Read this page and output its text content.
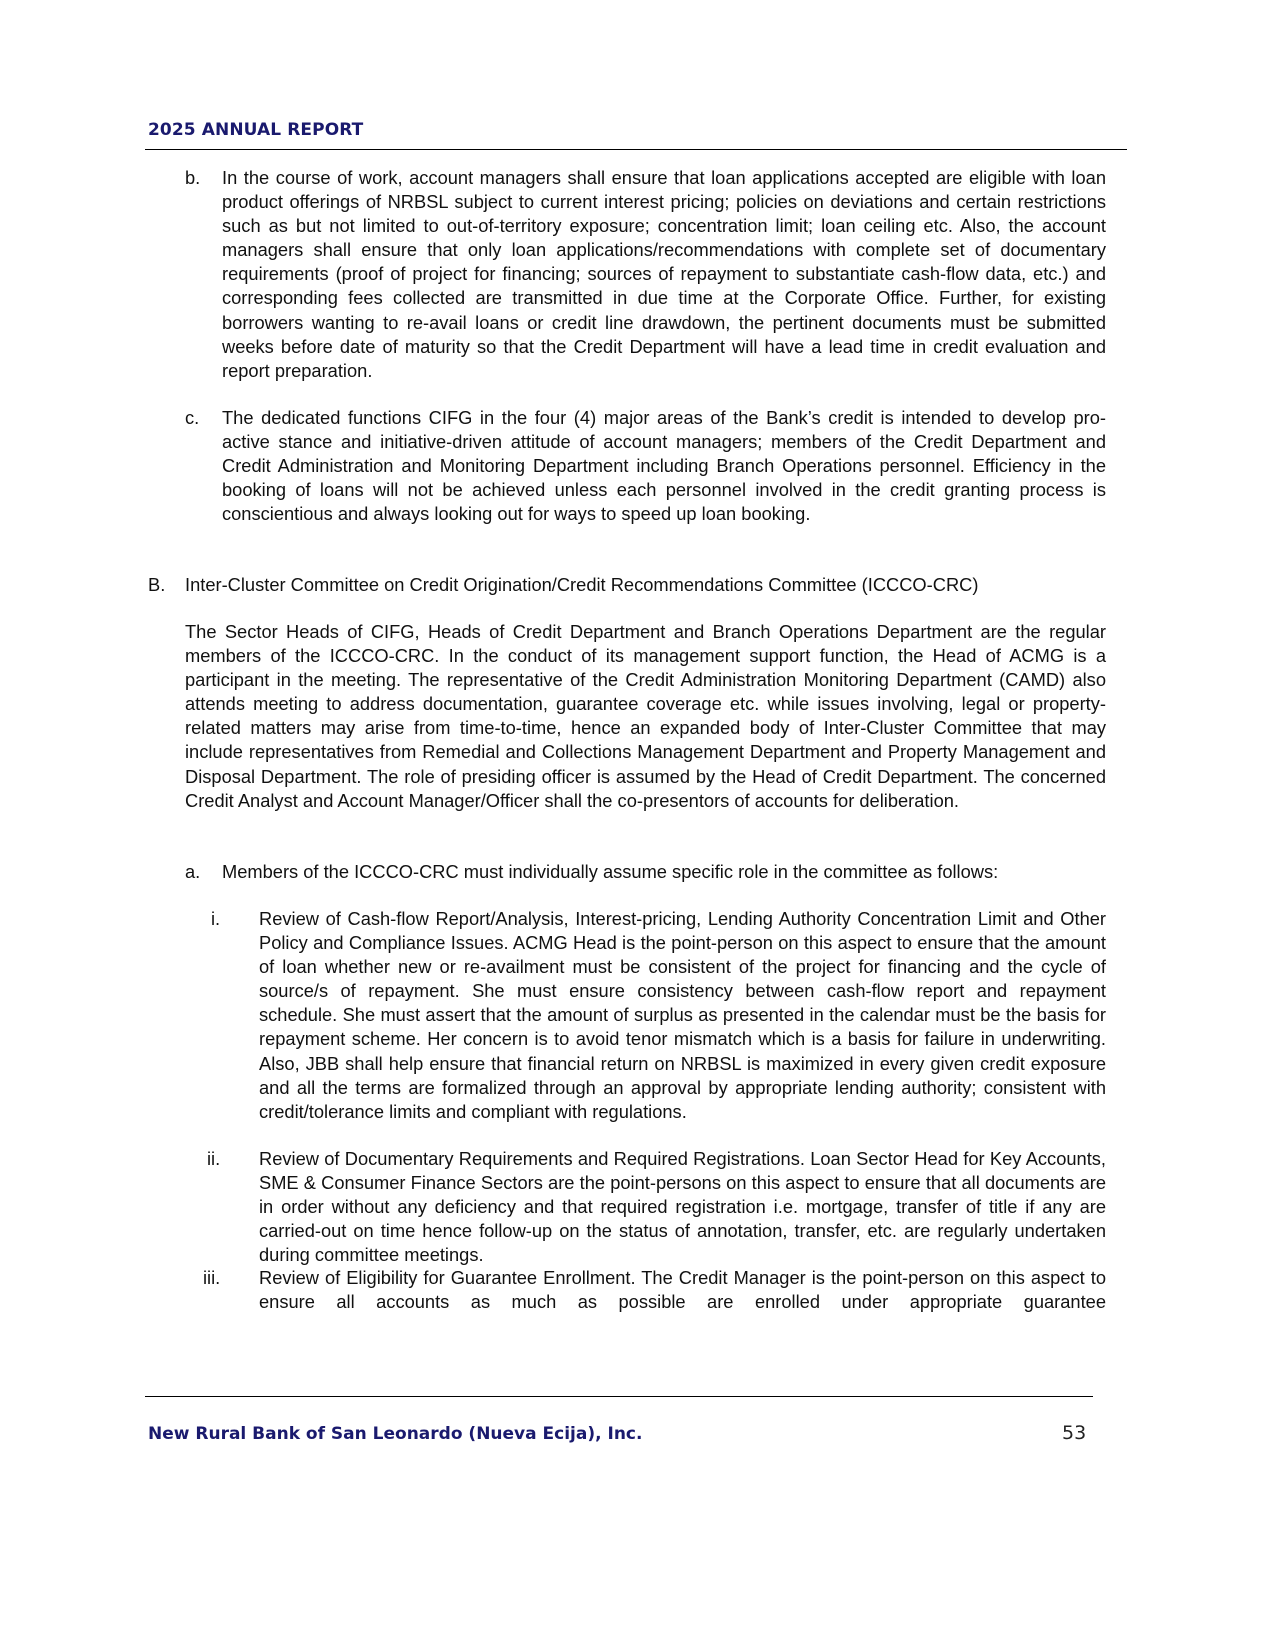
2025 ANNUAL REPORT
b. In the course of work, account managers shall ensure that loan applications accepted are eligible with loan product offerings of NRBSL subject to current interest pricing; policies on deviations and certain restrictions such as but not limited to out-of-territory exposure; concentration limit; loan ceiling etc. Also, the account managers shall ensure that only loan applications/recommendations with complete set of documentary requirements (proof of project for financing; sources of repayment to substantiate cash-flow data, etc.) and corresponding fees collected are transmitted in due time at the Corporate Office. Further, for existing borrowers wanting to re-avail loans or credit line drawdown, the pertinent documents must be submitted weeks before date of maturity so that the Credit Department will have a lead time in credit evaluation and report preparation.
c. The dedicated functions CIFG in the four (4) major areas of the Bank’s credit is intended to develop pro-active stance and initiative-driven attitude of account managers; members of the Credit Department and Credit Administration and Monitoring Department including Branch Operations personnel. Efficiency in the booking of loans will not be achieved unless each personnel involved in the credit granting process is conscientious and always looking out for ways to speed up loan booking.
B. Inter-Cluster Committee on Credit Origination/Credit Recommendations Committee (ICCCO-CRC)
The Sector Heads of CIFG, Heads of Credit Department and Branch Operations Department are the regular members of the ICCCO-CRC. In the conduct of its management support function, the Head of ACMG is a participant in the meeting. The representative of the Credit Administration Monitoring Department (CAMD) also attends meeting to address documentation, guarantee coverage etc. while issues involving, legal or property-related matters may arise from time-to-time, hence an expanded body of Inter-Cluster Committee that may include representatives from Remedial and Collections Management Department and Property Management and Disposal Department. The role of presiding officer is assumed by the Head of Credit Department. The concerned Credit Analyst and Account Manager/Officer shall the co-presentors of accounts for deliberation.
a. Members of the ICCCO-CRC must individually assume specific role in the committee as follows:
i. Review of Cash-flow Report/Analysis, Interest-pricing, Lending Authority Concentration Limit and Other Policy and Compliance Issues. ACMG Head is the point-person on this aspect to ensure that the amount of loan whether new or re-availment must be consistent of the project for financing and the cycle of source/s of repayment. She must ensure consistency between cash-flow report and repayment schedule. She must assert that the amount of surplus as presented in the calendar must be the basis for repayment scheme. Her concern is to avoid tenor mismatch which is a basis for failure in underwriting. Also, JBB shall help ensure that financial return on NRBSL is maximized in every given credit exposure and all the terms are formalized through an approval by appropriate lending authority; consistent with credit/tolerance limits and compliant with regulations.
ii. Review of Documentary Requirements and Required Registrations. Loan Sector Head for Key Accounts, SME & Consumer Finance Sectors are the point-persons on this aspect to ensure that all documents are in order without any deficiency and that required registration i.e. mortgage, transfer of title if any are carried-out on time hence follow-up on the status of annotation, transfer, etc. are regularly undertaken during committee meetings.
iii. Review of Eligibility for Guarantee Enrollment. The Credit Manager is the point-person on this aspect to ensure all accounts as much as possible are enrolled under appropriate guarantee
New Rural Bank of San Leonardo (Nueva Ecija), Inc.	53
